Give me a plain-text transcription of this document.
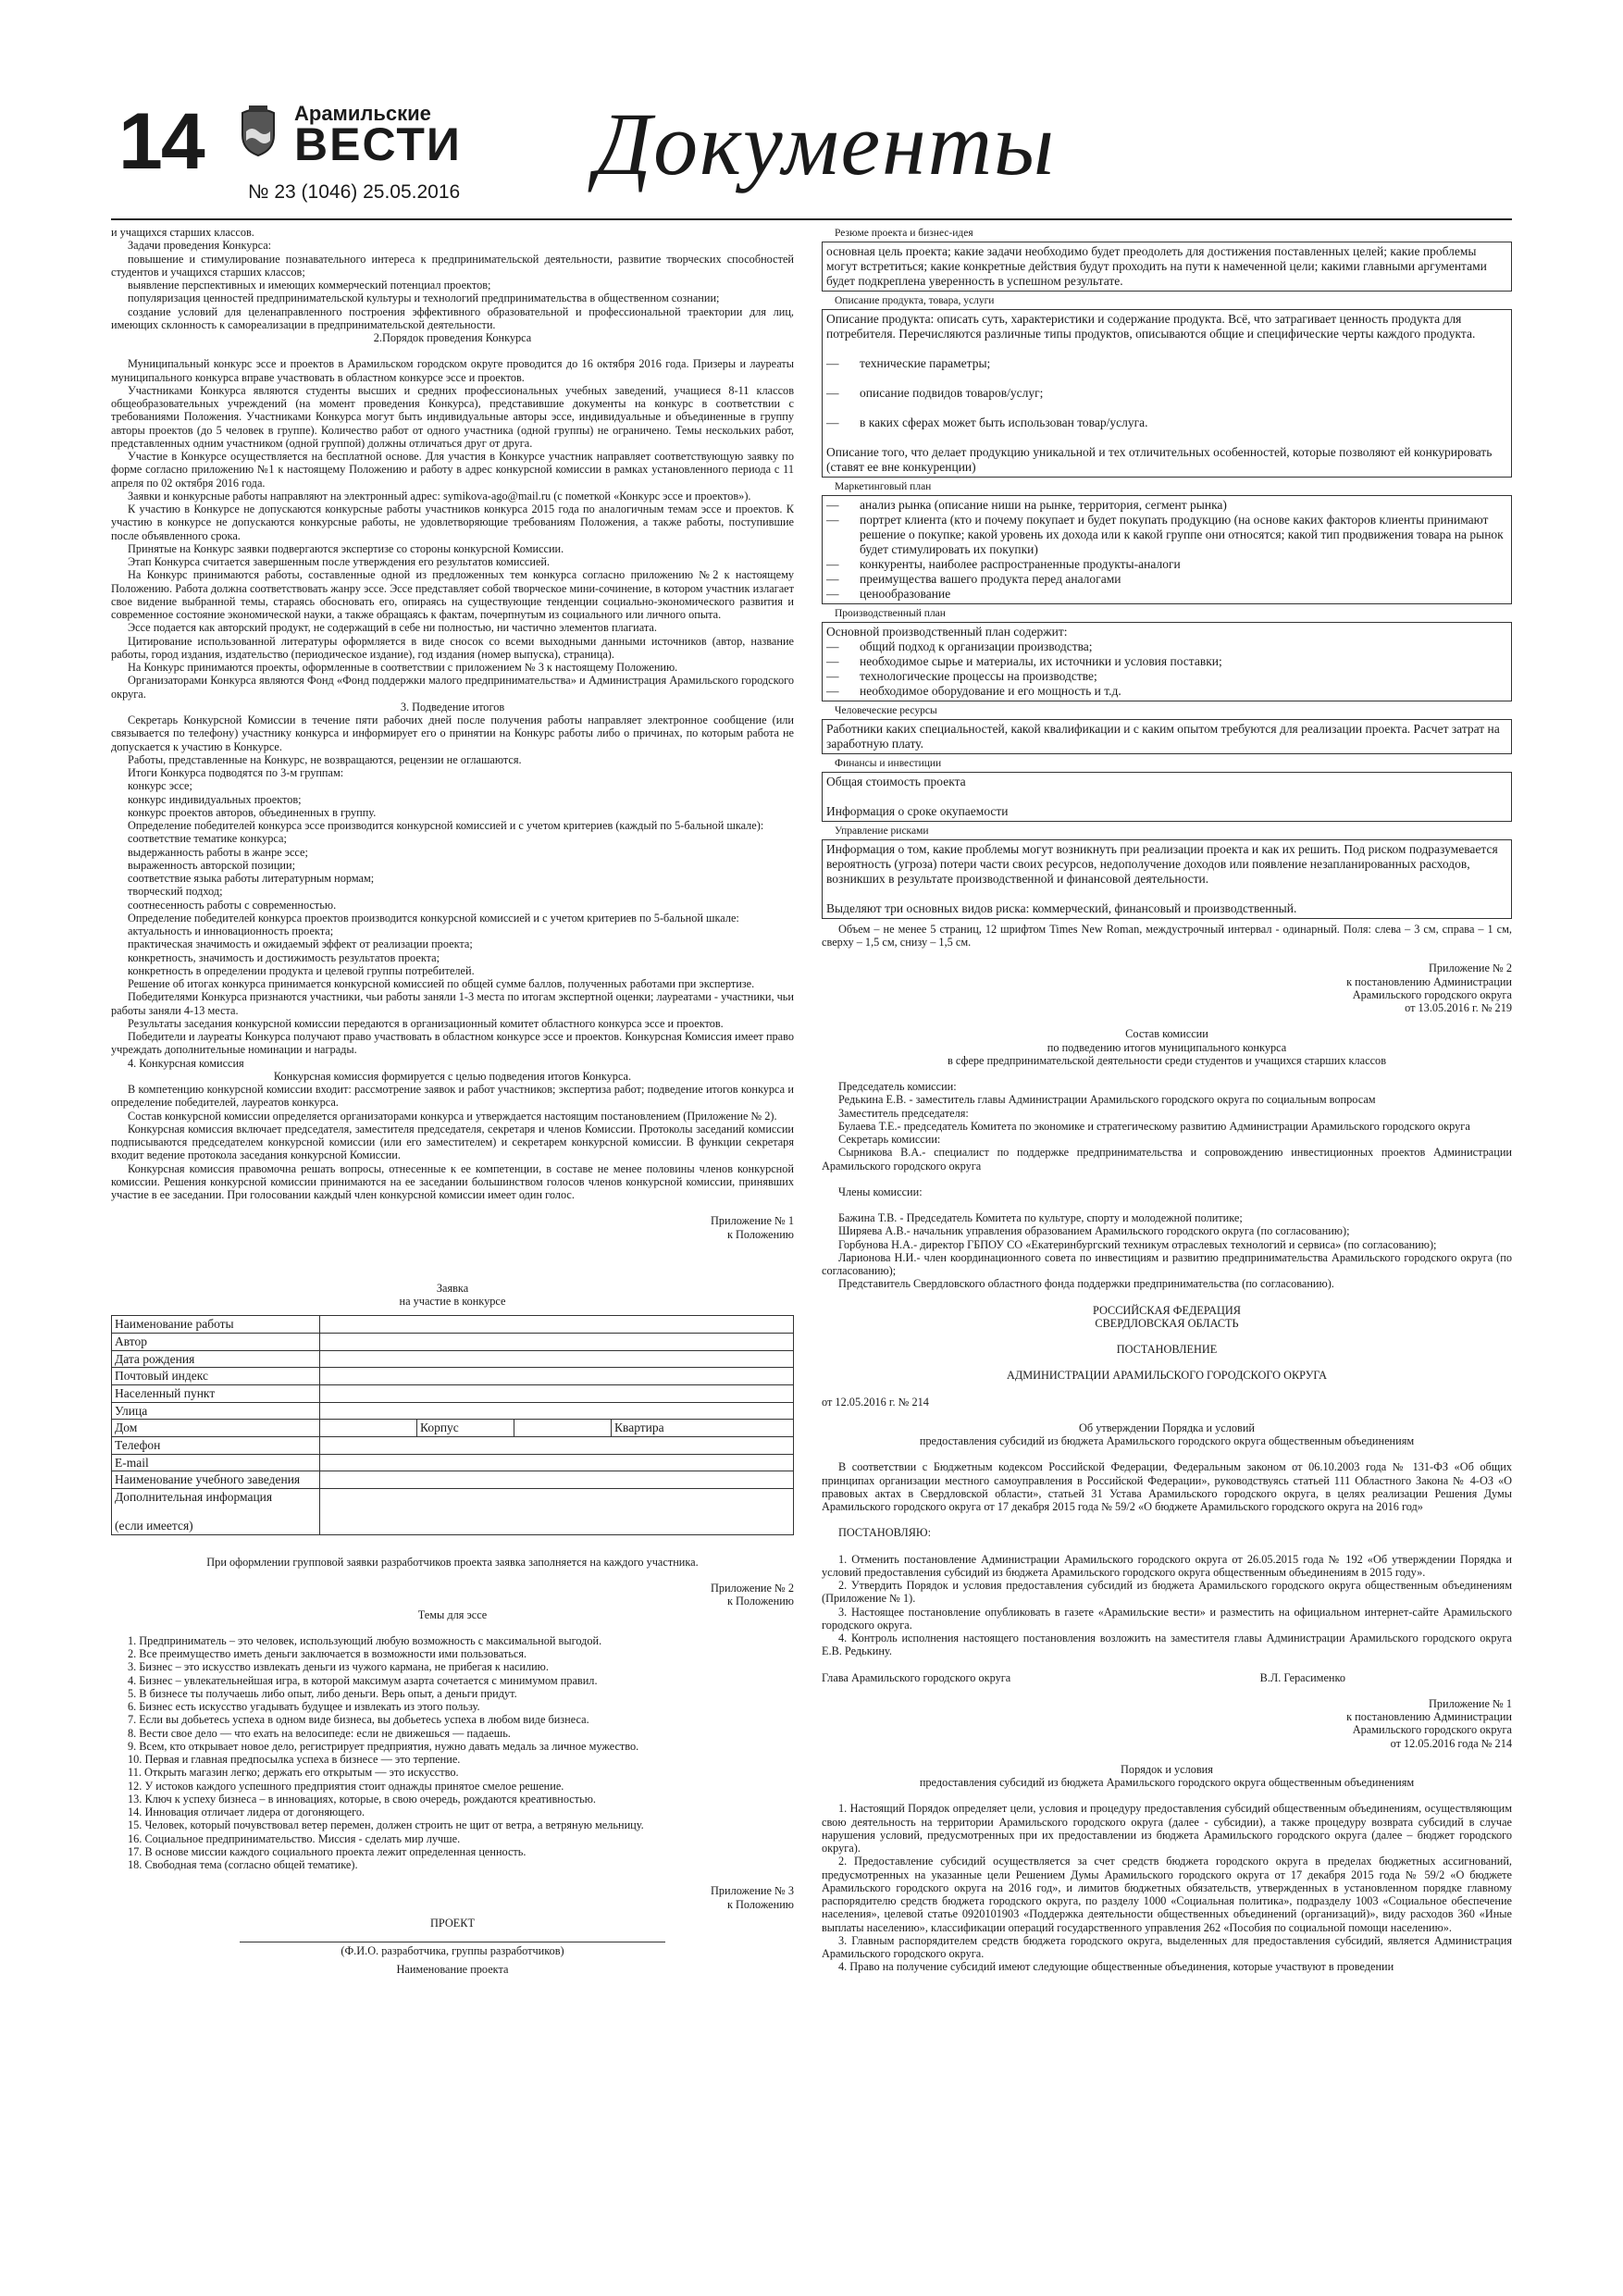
14	Арамильские
ВЕСТИ
№ 23 (1046) 25.05.2016 Документы

и учащихся старших классов.

Задачи проведения Конкурса:

повышение и стимулирование познавательного интереса к предпринимательской деятельности, развитие творческих способностей студентов и учащихся старших классов;

выявление перспективных и имеющих коммерческий потенциал проектов;

популяризация ценностей предпринимательской культуры и технологий предпринимательства в общественном сознании;

создание условий для целенаправленного построения эффективного образовательной и профессиональной траектории для лиц, имеющих склонность к самореализации в предпринимательской деятельности.

2.Порядок проведения Конкурса

Муниципальный конкурс эссе и проектов в Арамильском городском округе проводится до 16 октября 2016 года. Призеры и лауреаты муниципального конкурса вправе участвовать в областном конкурсе эссе и проектов.

Участниками Конкурса являются студенты высших и средних профессиональных учебных заведений, учащиеся 8-11 классов общеобразовательных учреждений (на момент проведения Конкурса), представившие документы на конкурс в соответствии с требованиями Положения. Участниками Конкурса могут быть индивидуальные авторы эссе, индивидуальные и объединенные в группу авторы проектов (до 5 человек в группе). Количество работ от одного участника (одной группы) не ограничено. Темы нескольких работ, представленных одним участником (одной группой) должны отличаться друг от друга.

Участие в Конкурсе осуществляется на бесплатной основе. Для участия в Конкурсе участник направляет соответствующую заявку по форме согласно приложению №1 к настоящему Положению и работу в адрес конкурсной комиссии в рамках установленного периода с 11 апреля по 02 октября 2016 года.

Заявки и конкурсные работы направляют на электронный адрес: symikova-ago@mail.ru (с пометкой «Конкурс эссе и проектов»).

К участию в Конкурсе не допускаются конкурсные работы участников конкурса 2015 года по аналогичным темам эссе и проектов. К участию в конкурсе не допускаются конкурсные работы, не удовлетворяющие требованиям Положения, а также работы, поступившие после объявленного срока.

Принятые на Конкурс заявки подвергаются экспертизе со стороны конкурсной Комиссии.

Этап Конкурса считается завершенным после утверждения его результатов комиссией.

На Конкурс принимаются работы, составленные одной из предложенных тем конкурса согласно приложению №2 к настоящему Положению. Работа должна соответствовать жанру эссе. Эссе представляет собой творческое мини-сочинение, в котором участник излагает свое видение выбранной темы, стараясь обосновать его, опираясь на существующие тенденции социально-экономического развития и современное состояние экономической науки, а также обращаясь к фактам, почерпнутым из социального или личного опыта.

Эссе подается как авторский продукт, не содержащий в себе ни полностью, ни частично элементов плагиата.

Цитирование использованной литературы оформляется в виде сносок со всеми выходными данными источников (автор, название работы, город издания, издательство (периодическое издание), год издания (номер выпуска), страница).

На Конкурс принимаются проекты, оформленные в соответствии с приложением № 3 к настоящему Положению.

Организаторами Конкурса являются Фонд «Фонд поддержки малого предпринимательства» и Администрация Арамильского городского округа.

3. Подведение итогов

Секретарь Конкурсной Комиссии в течение пяти рабочих дней после получения работы направляет электронное сообщение (или связывается по телефону) участнику конкурса и информирует его о принятии на Конкурс работы либо о причинах, по которым работа не допускается к участию в Конкурсе.

Работы, представленные на Конкурс, не возвращаются, рецензии не оглашаются.

Итоги Конкурса подводятся по 3-м группам:

конкурс эссе;

конкурс индивидуальных проектов;

конкурс проектов авторов, объединенных в группу.

Определение победителей конкурса эссе производится конкурсной комиссией и с учетом критериев (каждый по 5-бальной шкале):

соответствие тематике конкурса;

выдержанность работы в жанре эссе;

выраженность авторской позиции;

соответствие языка работы литературным нормам;

творческий подход;

соотнесенность работы с современностью.

Определение победителей конкурса проектов производится конкурсной комиссией и с учетом критериев по 5-бальной шкале:

актуальность и инновационность проекта;

практическая значимость и ожидаемый эффект от реализации проекта;

конкретность, значимость и достижимость результатов проекта;

конкретность в определении продукта и целевой группы потребителей.

Решение об итогах конкурса принимается конкурсной комиссией по общей сумме баллов, полученных работами при экспертизе.

Победителями Конкурса признаются участники, чьи работы заняли 1-3 места по итогам экспертной оценки; лауреатами - участники, чьи работы заняли 4-13 места.

Результаты заседания конкурсной комиссии передаются в организационный комитет областного конкурса эссе и проектов.

Победители и лауреаты Конкурса получают право участвовать в областном конкурсе эссе и проектов. Конкурсная Комиссия имеет право учреждать дополнительные номинации и награды.

4. Конкурсная комиссия

Конкурсная комиссия формируется с целью подведения итогов Конкурса.

В компетенцию конкурсной комиссии входит: рассмотрение заявок и работ участников; экспертиза работ; подведение итогов конкурса и определение победителей, лауреатов конкурса.

Состав конкурсной комиссии определяется организаторами конкурса и утверждается настоящим постановлением (Приложение № 2).

Конкурсная комиссия включает председателя, заместителя председателя, секретаря и членов Комиссии. Протоколы заседаний комиссии подписываются председателем конкурсной комиссии (или его заместителем) и секретарем конкурсной комиссии. В функции секретаря входит ведение протокола заседания конкурсной Комиссии.

Конкурсная комиссия правомочна решать вопросы, отнесенные к ее компетенции, в составе не менее половины членов конкурсной комиссии. Решения конкурсной комиссии принимаются на ее заседании большинством голосов членов конкурсной комиссии, принявших участие в ее заседании. При голосовании каждый член конкурсной комиссии имеет один голос.

Приложение № 1

к Положению

Заявка

на участие в конкурсе

Наименование работы				
Автор				
Дата рождения				
Почтовый индекс				
Населенный пункт				
Улица				
Дом		Корпус		Квартира
Телефон				
E-mail				
Наименование учебного заведения				
Дополнительная информация

(если имеется)				

При оформлении групповой заявки разработчиков проекта заявка заполняется на каждого участника.

Приложение № 2

к Положению

Темы для эссе

1. Предприниматель – это человек, использующий любую возможность с максимальной выгодой.

2. Все преимущество иметь деньги заключается в возможности ими пользоваться.

3. Бизнес – это искусство извлекать деньги из чужого кармана, не прибегая к насилию.

4. Бизнес – увлекательнейшая игра, в которой максимум азарта сочетается с минимумом правил.

5. В бизнесе ты получаешь либо опыт, либо деньги. Верь опыт, а деньги придут.

6. Бизнес есть искусство угадывать будущее и извлекать из этого пользу.

7. Если вы добьетесь успеха в одном виде бизнеса, вы добьетесь успеха в любом виде бизнеса.

8. Вести свое дело — что ехать на велосипеде: если не движешься — падаешь.

9. Всем, кто открывает новое дело, регистрирует предприятия, нужно давать медаль за личное мужество.

10. Первая и главная предпосылка успеха в бизнесе — это терпение.

11. Открыть магазин легко; держать его открытым — это искусство.

12. У истоков каждого успешного предприятия стоит однажды принятое смелое решение.

13. Ключ к успеху бизнеса – в инновациях, которые, в свою очередь, рождаются креативностью.

14. Инновация отличает лидера от догоняющего.

15. Человек, который почувствовал ветер перемен, должен строить не щит от ветра, а ветряную мельницу.

16. Социальное предпринимательство. Миссия - сделать мир лучше.

17. В основе миссии каждого социального проекта лежит определенная ценность.

18. Свободная тема (согласно общей тематике).

Приложение № 3

к Положению

ПРОЕКТ

(Ф.И.О. разработчика, группы разработчиков)

Наименование проекта

Резюме проекта и бизнес-идея

основная цель проекта; какие задачи необходимо будет преодолеть для достижения поставленных целей; какие проблемы могут встретиться; какие конкретные действия будут проходить на пути к намеченной цели; какими главными аргументами будет подкреплена уверенность в успешном результате.

Описание продукта, товара, услуги

Описание продукта: описать суть, характеристики и содержание продукта. Всё, что затрагивает ценность продукта для потребителя. Перечисляются различные типы продуктов, описываются общие и специфические черты каждого продукта.

— технические параметры;

— описание подвидов товаров/услуг;

— в каких сферах может быть использован товар/услуга.

Описание того, что делает продукцию уникальной и тех отличительных особенностей, которые позволяют ей конкурировать (ставят ее вне конкуренции)

Маркетинговый план

— анализ рынка (описание ниши на рынке, территория, сегмент рынка)

— портрет клиента (кто и почему покупает и будет покупать продукцию (на основе каких факторов клиенты принимают решение о покупке; какой уровень их дохода или к какой группе они относятся; какой тип продвижения товара на рынок будет стимулировать их покупки)

— конкуренты, наиболее распространенные продукты-аналоги

— преимущества вашего продукта перед аналогами

— ценообразование

Производственный план

Основной производственный план содержит:

— общий подход к организации производства;

— необходимое сырье и материалы, их источники и условия поставки;

— технологические процессы на производстве;

— необходимое оборудование и его мощность и т.д.

Человеческие ресурсы

Работники каких специальностей, какой квалификации и с каким опытом требуются для реализации проекта. Расчет затрат на заработную плату.

Финансы и инвестиции

Общая стоимость проекта

Информация о сроке окупаемости

Управление рисками

Информация о том, какие проблемы могут возникнуть при реализации проекта и как их решить. Под риском подразумевается вероятность (угроза) потери части своих ресурсов, недополучение доходов или появление незапланированных расходов, возникших в результате производственной и финансовой деятельности.

Выделяют три основных видов риска: коммерческий, финансовый и производственный.

Объем – не менее 5 страниц, 12 шрифтом Times New Roman, междустрочный интервал - одинарный. Поля: слева – 3 см, справа – 1 см, сверху – 1,5 см, снизу – 1,5 см.

Приложение № 2

к постановлению Администрации

Арамильского городского округа

от 13.05.2016 г. № 219

Состав комиссии

по подведению итогов муниципального конкурса

в сфере предпринимательской деятельности среди студентов и учащихся старших классов

Председатель комиссии:

Редькина Е.В. - заместитель главы Администрации Арамильского городского округа по социальным вопросам

Заместитель председателя:

Булаева Т.Е.- председатель Комитета по экономике и стратегическому развитию Администрации Арамильского городского округа

Секретарь комиссии:

Сырникова В.А.- специалист по поддержке предпринимательства и сопровождению инвестиционных проектов Администрации Арамильского городского округа

Члены комиссии:

Бажина Т.В. - Председатель Комитета по культуре, спорту и молодежной политике;

Ширяева А.В.- начальник управления образованием Арамильского городского округа (по согласованию);

Горбунова Н.А.- директор ГБПОУ СО «Екатеринбургский техникум отраслевых технологий и сервиса» (по согласованию);

Ларионова Н.И.- член координационного совета по инвестициям и развитию предпринимательства Арамильского городского округа (по согласованию);

Представитель Свердловского областного фонда поддержки предпринимательства (по согласованию).

РОССИЙСКАЯ ФЕДЕРАЦИЯ

СВЕРДЛОВСКАЯ ОБЛАСТЬ

ПОСТАНОВЛЕНИЕ

АДМИНИСТРАЦИИ АРАМИЛЬСКОГО ГОРОДСКОГО ОКРУГА

от 12.05.2016 г. № 214

Об утверждении Порядка и условий

предоставления субсидий из бюджета Арамильского городского округа общественным объединениям

В соответствии с Бюджетным кодексом Российской Федерации, Федеральным законом от 06.10.2003 года № 131-ФЗ «Об общих принципах организации местного самоуправления в Российской Федерации», руководствуясь статьей 111 Областного Закона № 4-ОЗ «О правовых актах в Свердловской области», статьей 31 Устава Арамильского городского округа, в целях реализации Решения Думы Арамильского городского округа от 17 декабря 2015 года № 59/2 «О бюджете Арамильского городского округа на 2016 год»

ПОСТАНОВЛЯЮ:

1. Отменить постановление Администрации Арамильского городского округа от 26.05.2015 года № 192 «Об утверждении Порядка и условий предоставления субсидий из бюджета Арамильского городского округа общественным объединениям в 2015 году».

2. Утвердить Порядок и условия предоставления субсидий из бюджета Арамильского городского округа общественным объединениям (Приложение № 1).

3. Настоящее постановление опубликовать в газете «Арамильские вести» и разместить на официальном интернет-сайте Арамильского городского округа.

4. Контроль исполнения настоящего постановления возложить на заместителя главы Администрации Арамильского городского округа Е.В. Редькину.

Глава Арамильского городского округа	В.Л. Герасименко

Приложение № 1

к постановлению Администрации

Арамильского городского округа

от 12.05.2016 года № 214

Порядок и условия

предоставления субсидий из бюджета Арамильского городского округа общественным объединениям

1. Настоящий Порядок определяет цели, условия и процедуру предоставления субсидий общественным объединениям, осуществляющим свою деятельность на территории Арамильского городского округа (далее - субсидии), а также процедуру возврата субсидий в случае нарушения условий, предусмотренных при их предоставлении из бюджета Арамильского городского округа (далее – бюджет городского округа).

2. Предоставление субсидий осуществляется за счет средств бюджета городского округа в пределах бюджетных ассигнований, предусмотренных на указанные цели Решением Думы Арамильского городского округа от 17 декабря 2015 года № 59/2 «О бюджете Арамильского городского округа на 2016 год», и лимитов бюджетных обязательств, утвержденных в установленном порядке главному распорядителю средств бюджета городского округа, по разделу 1000 «Социальная политика», подразделу 1003 «Социальное обеспечение населения», целевой статье 0920101903 «Поддержка деятельности общественных объединений (организаций)», виду расходов 360 «Иные выплаты населению», классификации операций государственного управления 262 «Пособия по социальной помощи населению».

3. Главным распорядителем средств бюджета городского округа, выделенных для предоставления субсидий, является Администрация Арамильского городского округа.

4. Право на получение субсидий имеют следующие общественные объединения, которые участвуют в проведении
